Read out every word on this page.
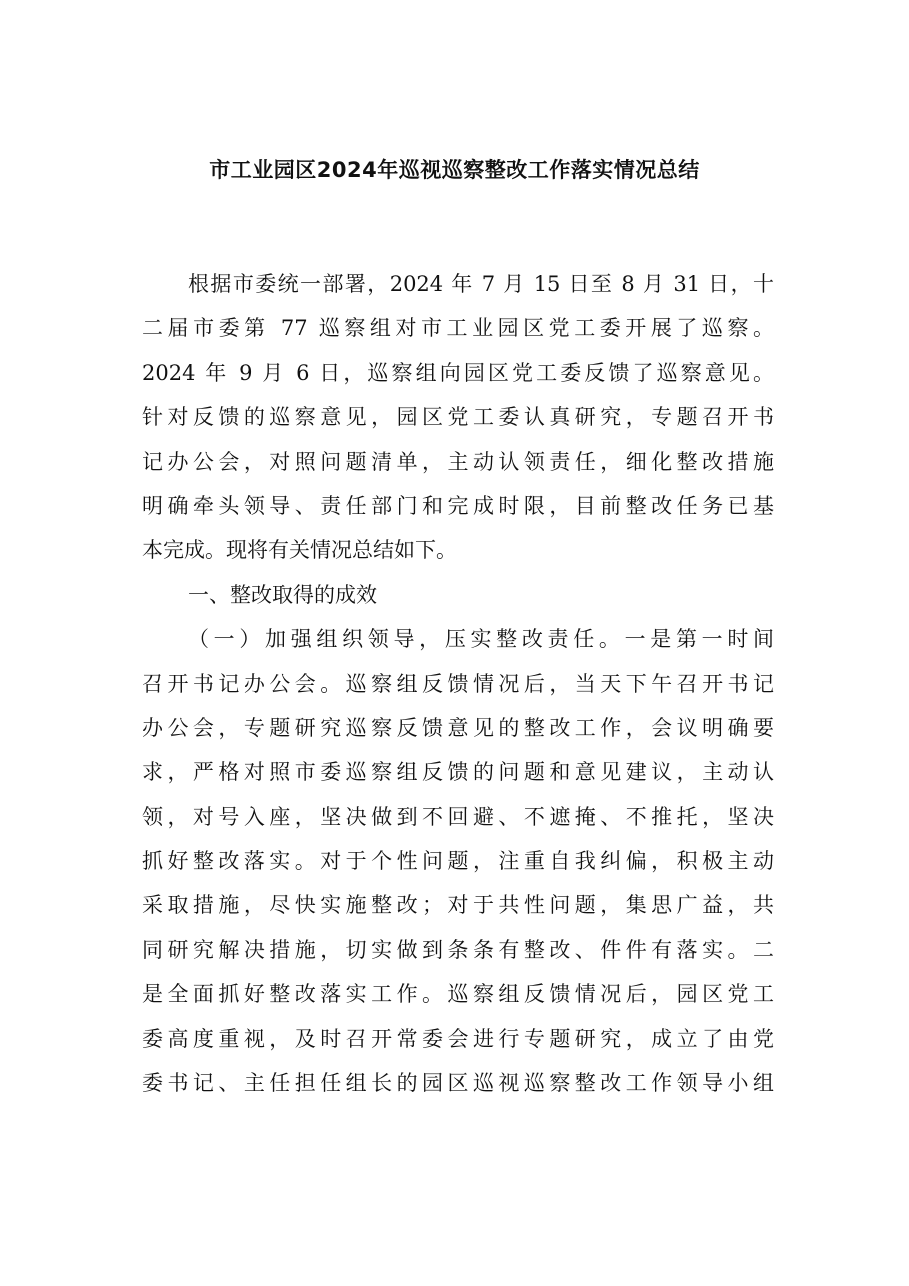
市工业园区2024年巡视巡察整改工作落实情况总结
根据市委统一部署，2024 年 7 月 15 日至 8 月 31 日，十
二届市委第 77 巡察组对市工业园区党工委开展了巡察。
2024 年 9 月 6 日，巡察组向园区党工委反馈了巡察意见。
针对反馈的巡察意见，园区党工委认真研究，专题召开书
记办公会，对照问题清单，主动认领责任，细化整改措施
明确牵头领导、责任部门和完成时限，目前整改任务已基
本完成。现将有关情况总结如下。
一、整改取得的成效
（一）加强组织领导，压实整改责任。一是第一时间
召开书记办公会。巡察组反馈情况后，当天下午召开书记
办公会，专题研究巡察反馈意见的整改工作，会议明确要
求，严格对照市委巡察组反馈的问题和意见建议，主动认
领，对号入座，坚决做到不回避、不遮掩、不推托，坚决
抓好整改落实。对于个性问题，注重自我纠偏，积极主动
采取措施，尽快实施整改；对于共性问题，集思广益，共
同研究解决措施，切实做到条条有整改、件件有落实。二
是全面抓好整改落实工作。巡察组反馈情况后，园区党工
委高度重视，及时召开常委会进行专题研究，成立了由党
委书记、主任担任组长的园区巡视巡察整改工作领导小组
